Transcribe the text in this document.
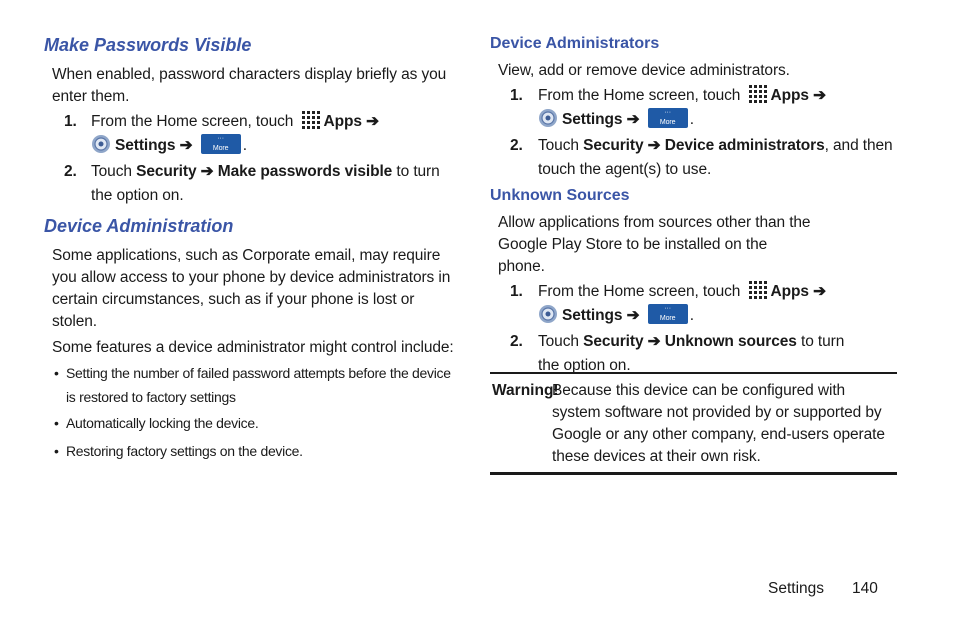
Make Passwords Visible

When enabled, password characters display briefly as you enter them.

1. From the Home screen, touch Apps ➔
Settings ➔	···
More .
2. Touch Security ➔ Make passwords visible to turn the option on.
Device Administration

Some applications, such as Corporate email, may require you allow access to your phone by device administrators in certain circumstances, such as if your phone is lost or stolen.

Some features a device administrator might control include:

• Setting the number of failed password attempts before the device is restored to factory settings
• Automatically locking the device.
• Restoring factory settings on the device.
Device Administrators

View, add or remove device administrators.

1. From the Home screen, touch Apps ➔
Settings ➔	···
More .
2. Touch Security ➔ Device administrators, and then touch the agent(s) to use.
Unknown Sources

Allow applications from sources other than the Google Play Store to be installed on the phone.

1. From the Home screen, touch Apps ➔
Settings ➔	···
More .
2. Touch Security ➔ Unknown sources to turn the option on.
Warning!
Because this device can be configured with system software not provided by or supported by Google or any other company, end-users operate these devices at their own risk.
Settings 140
